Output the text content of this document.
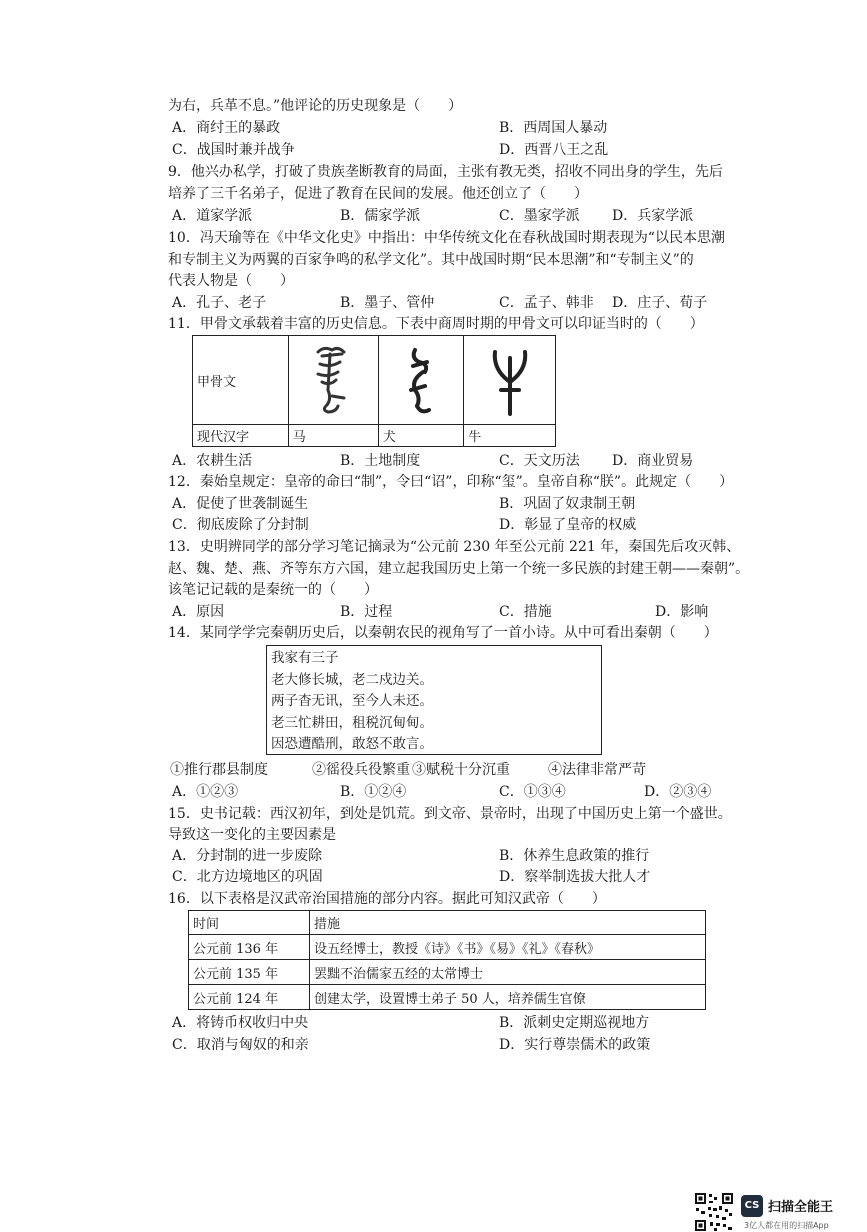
为右，兵革不息。”他评论的历史现象是（　　）
A．商纣王的暴政	B．西周国人暴动
C．战国时兼并战争	D．西晋八王之乱
9．他兴办私学，打破了贵族垄断教育的局面，主张有教无类，招收不同出身的学生，先后
培养了三千名弟子，促进了教育在民间的发展。他还创立了（　　）
A．道家学派	B．儒家学派	C．墨家学派 D．兵家学派
10．冯天瑜等在《中华文化史》中指出：中华传统文化在春秋战国时期表现为“以民本思潮
和专制主义为两翼的百家争鸣的私学文化”。其中战国时期“民本思潮”和“专制主义”的
代表人物是（　　）
A．孔子、老子	B．墨子、管仲	C．孟子、韩非 D．庄子、荀子
11．甲骨文承载着丰富的历史信息。下表中商周时期的甲骨文可以印证当时的（　　）
甲骨文	

现代汉字	马	犬	牛
A．农耕生活	B．土地制度	C．天文历法 D．商业贸易
12．秦始皇规定：皇帝的命曰“制”，令曰“诏”，印称“玺”。皇帝自称“朕”。此规定（　　）
A．促使了世袭制诞生	B．巩固了奴隶制王朝
C．彻底废除了分封制	D．彰显了皇帝的权威
13．史明辨同学的部分学习笔记摘录为“公元前 230 年至公元前 221 年，秦国先后攻灭韩、
赵、魏、楚、燕、齐等东方六国，建立起我国历史上第一个统一多民族的封建王朝——秦朝”。
该笔记记载的是秦统一的（　　）
A．原因	B．过程	C．措施	D．影响
14．某同学学完秦朝历史后，以秦朝农民的视角写了一首小诗。从中可看出秦朝（　　）
我家有三子
老大修长城，老二戍边关。
两子杳无讯，至今人未还。
老三忙耕田，租税沉甸甸。
因恐遭酷刑，敢怒不敢言。
①推行郡县制度	②徭役兵役繁重 ③赋税十分沉重	④法律非常严苛
A．①②③	B．①②④	C．①③④	D．②③④
15．史书记载：西汉初年，到处是饥荒。到文帝、景帝时，出现了中国历史上第一个盛世。
导致这一变化的主要因素是
A．分封制的进一步废除	B．休养生息政策的推行
C．北方边境地区的巩固	D．察举制选拔大批人才
16．以下表格是汉武帝治国措施的部分内容。据此可知汉武帝（　　）
时间	措施
公元前 136 年	设五经博士，教授《诗》《书》《易》《礼》《春秋》
公元前 135 年	罢黜不治儒家五经的太常博士
公元前 124 年	创建太学，设置博士弟子 50 人，培养儒生官僚
A．将铸币权收归中央	B．派刺史定期巡视地方
C．取消与匈奴的和亲	D．实行尊崇儒术的政策
CS 扫描全能王
3亿人都在用的扫描App
